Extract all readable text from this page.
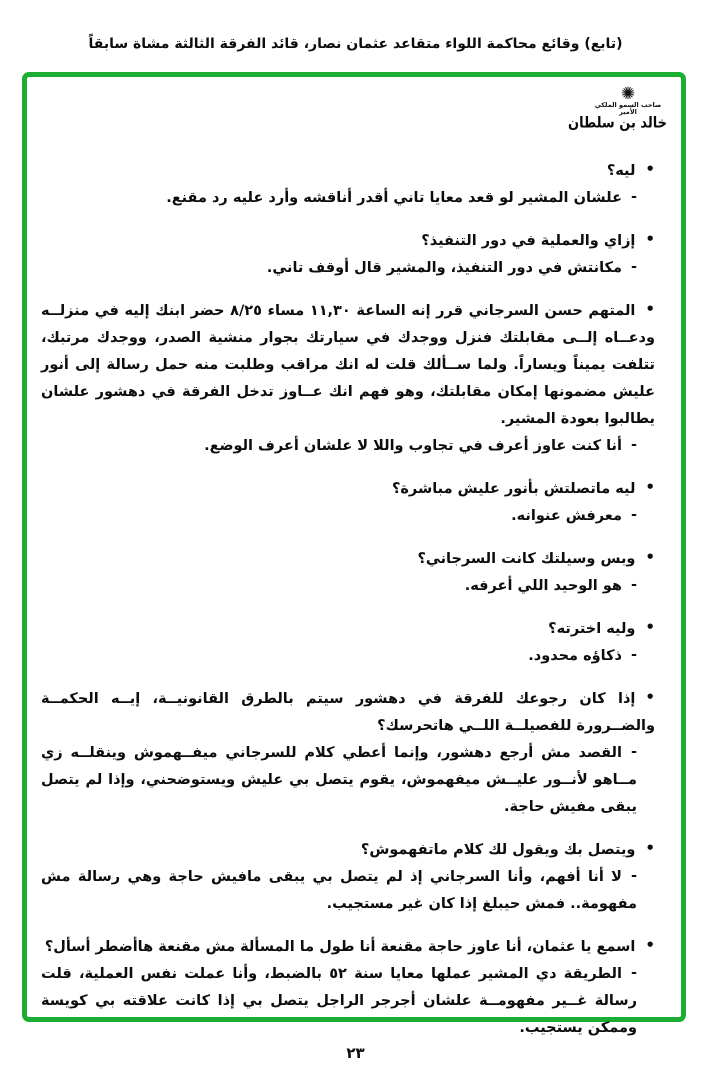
(تابع) وقائع محاكمة اللواء متقاعد عثمان نصار، قائد الفرقة الثالثة مشاة سابقاً
✺
صاحب السمو الملكي الأمير
خالد بن سلطان
•ليه؟
-علشان المشير لو قعد معايا تاني أقدر أناقشه وأرد عليه رد مقنع.
•إزاي والعملية في دور التنفيذ؟
-مكانتش في دور التنفيذ، والمشير قال أوقف تاني.
•المتهم حسن السرجاني قرر إنه الساعة ١١,٣٠ مساء ٨/٢٥ حضر ابنك إليه في منزلــه ودعــاه إلــى مقابلتك فنزل ووجدك في سيارتك بجوار منشية الصدر، ووجدك مرتبك، تتلفت يميناً ويساراً. ولما ســألك قلت له انك مراقب وطلبت منه حمل رسالة إلى أنور عليش مضمونها إمكان مقابلتك، وهو فهم انك عــاوز تدخل الفرقة في دهشور علشان يطالبوا بعودة المشير.
-أنا كنت عاوز أعرف في تجاوب واللا لا علشان أعرف الوضع.
•ليه ماتصلتش بأنور عليش مباشرة؟
-معرفش عنوانه.
•وبس وسيلتك كانت السرجاني؟
-هو الوحيد اللي أعرفه.
•وليه اخترته؟
-ذكاؤه محدود.
•إذا كان رجوعك للفرقة في دهشور سيتم بالطرق القانونيــة، إيــه الحكمــة والضــرورة للفصيلــة اللــي هاتحرسك؟
-القصد مش أرجع دهشور، وإنما أعطي كلام للسرجاني ميفــهموش وينقلــه زي مــاهو لأنــور عليــش ميفهموش، يقوم يتصل بي عليش ويستوضحني، وإذا لم يتصل يبقى مفيش حاجة.
•ويتصل بك ويقول لك كلام ماتفهموش؟
-لا أنا أفهم، وأنا السرجاني إذ لم يتصل بي يبقى مافيش حاجة وهي رسالة مش مفهومة.. فمش حيبلغ إذا كان غير مستجيب.
•اسمع يا عثمان، أنا عاوز حاجة مقنعة أنا طول ما المسألة مش مقنعة هاأضطر أسأل؟
-الطريقة دي المشير عملها معايا سنة ٥٢ بالضبط، وأنا عملت نفس العملية، قلت رسالة غــير مفهومــة علشان أجرجر الراجل يتصل بي إذا كانت علاقته بي كويسة وممكن يستجيب.
٢٣
